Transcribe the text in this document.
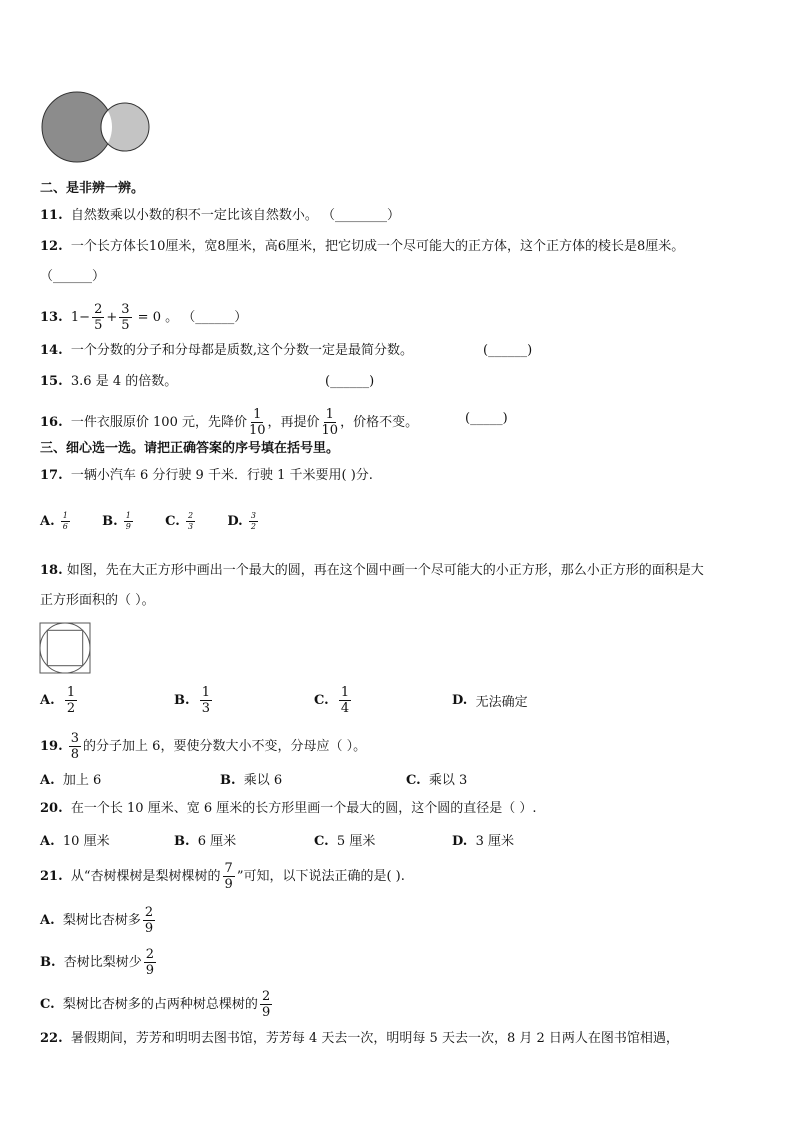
二、是非辨一辨。
11. 自然数乘以小数的积不一定比该自然数小。 （________）
12. 一个长方体长10厘米，宽8厘米，高6厘米，把它切成一个尽可能大的正方体，这个正方体的棱长是8厘米。
（______）
13. $1- \frac{2}{5} + \frac{3}{5} = 0$ 。 （______）
14. 一个分数的分子和分母都是质数,这个分数一定是最简分数。	(______)
15. 3.6 是 4 的倍数。	(______)
16. 一件衣服原价 100 元，先降价 $\frac{1}{10}$ ，再提价 $\frac{1}{10}$ ，价格不变。	(_____)
三、细心选一选。请把正确答案的序号填在括号里。
17. 一辆小汽车 6 分行驶 9 千米．行驶 1 千米要用( )分.
A. $\frac{1}{6} B$. $\frac{1}{9} C$. $\frac{2}{3} D$. $\frac{3}{2}$
18. 如图，先在大正方形中画出一个最大的圆，再在这个圆中画一个尽可能大的小正方形，那么小正方形的面积是大
正方形面积的（ ）。
A.
$\frac{1}{2}$	B.
$\frac{1}{3}$	C.
$\frac{1}{4}$	D.
无法确定
19. $\frac{3}{8}$ 的分子加上 6，要使分数大小不变，分母应（ ）。
A. 加上 6	B. 乘以 6	C. 乘以 3
20. 在一个长 10 厘米、宽 6 厘米的长方形里画一个最大的圆，这个圆的直径是（ ）.
A. 10 厘米	B. 6 厘米	C. 5 厘米	D. 3 厘米
21. 从“杏树棵树是梨树棵树的 $\frac{7}{9}$ ”可知，以下说法正确的是( ).
A. 梨树比杏树多 $\frac{2}{9}$
B. 杏树比梨树少 $\frac{2}{9}$
C. 梨树比杏树多的占两种树总棵树的 $\frac{2}{9}$
22. 暑假期间，芳芳和明明去图书馆，芳芳每 4 天去一次，明明每 5 天去一次，8 月 2 日两人在图书馆相遇，
